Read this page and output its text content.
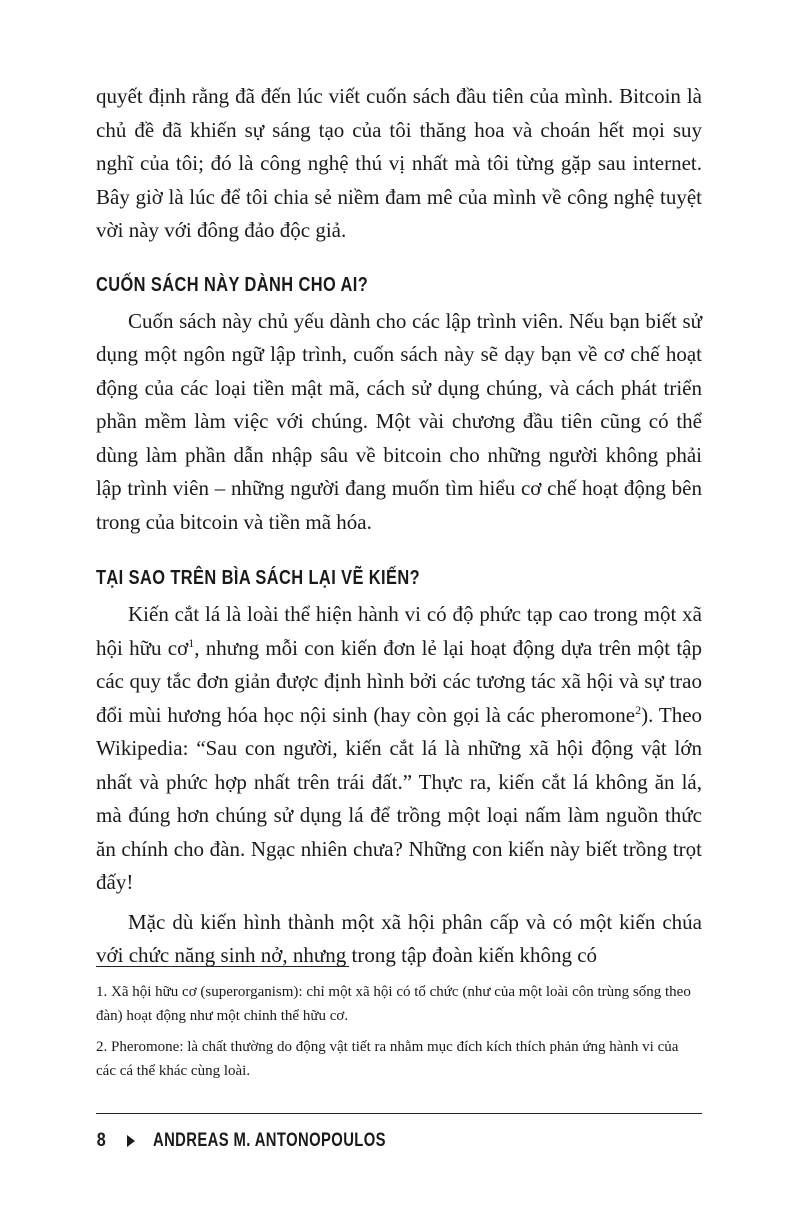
quyết định rằng đã đến lúc viết cuốn sách đầu tiên của mình. Bitcoin là chủ đề đã khiến sự sáng tạo của tôi thăng hoa và choán hết mọi suy nghĩ của tôi; đó là công nghệ thú vị nhất mà tôi từng gặp sau internet. Bây giờ là lúc để tôi chia sẻ niềm đam mê của mình về công nghệ tuyệt vời này với đông đảo độc giả.

CUỐN SÁCH NÀY DÀNH CHO AI?

Cuốn sách này chủ yếu dành cho các lập trình viên. Nếu bạn biết sử dụng một ngôn ngữ lập trình, cuốn sách này sẽ dạy bạn về cơ chế hoạt động của các loại tiền mật mã, cách sử dụng chúng, và cách phát triển phần mềm làm việc với chúng. Một vài chương đầu tiên cũng có thể dùng làm phần dẫn nhập sâu về bitcoin cho những người không phải lập trình viên – những người đang muốn tìm hiểu cơ chế hoạt động bên trong của bitcoin và tiền mã hóa.

TẠI SAO TRÊN BÌA SÁCH LẠI VẼ KIẾN?

Kiến cắt lá là loài thể hiện hành vi có độ phức tạp cao trong một xã hội hữu $cơ^1$, nhưng mỗi con kiến đơn lẻ lại hoạt động dựa trên một tập các quy tắc đơn giản được định hình bởi các tương tác xã hội và sự trao đổi mùi hương hóa học nội sinh (hay còn gọi là các pheromone$^2$). Theo Wikipedia: “Sau con người, kiến cắt lá là những xã hội động vật lớn nhất và phức hợp nhất trên trái đất.” Thực ra, kiến cắt lá không ăn lá, mà đúng hơn chúng sử dụng lá để trồng một loại nấm làm nguồn thức ăn chính cho đàn. Ngạc nhiên chưa? Những con kiến này biết trồng trọt đấy!

Mặc dù kiến hình thành một xã hội phân cấp và có một kiến chúa với chức năng sinh nở, nhưng trong tập đoàn kiến không có

1. Xã hội hữu cơ (superorganism): chỉ một xã hội có tổ chức (như của một loài côn trùng sống theo đàn) hoạt động như một chỉnh thể hữu cơ.

2. Pheromone: là chất thường do động vật tiết ra nhằm mục đích kích thích phản ứng hành vi của các cá thể khác cùng loài.

8 ANDREAS M. ANTONOPOULOS
